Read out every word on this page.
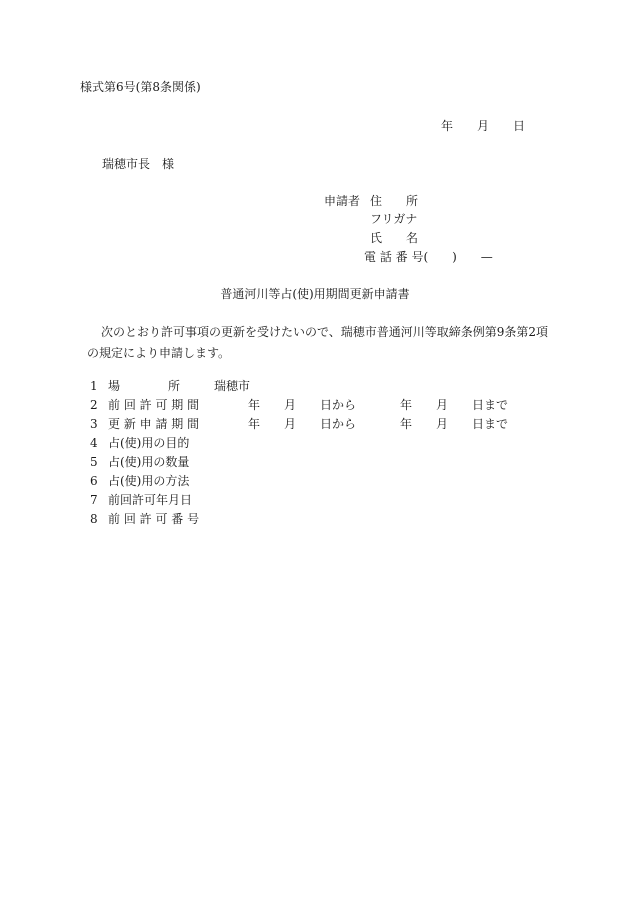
様式第6号(第8条関係)
年 月 日
瑞穂市長　様
申請者 住　　所
フリガナ
氏　　名
電 話 番 号(　　)　　—
普通河川等占(使)用期間更新申請書
次のとおり許可事項の更新を受けたいので、瑞穂市普通河川等取締条例第9条第2項の規定により申請します。
1 場　　　　所	瑞穂市
2 前 回 許 可 期 間	年 月 日から	年 月 日まで
3 更 新 申 請 期 間	年 月 日から	年 月 日まで
4 占(使)用の目的
5 占(使)用の数量
6 占(使)用の方法
7 前回許可年月日
8 前 回 許 可 番 号
